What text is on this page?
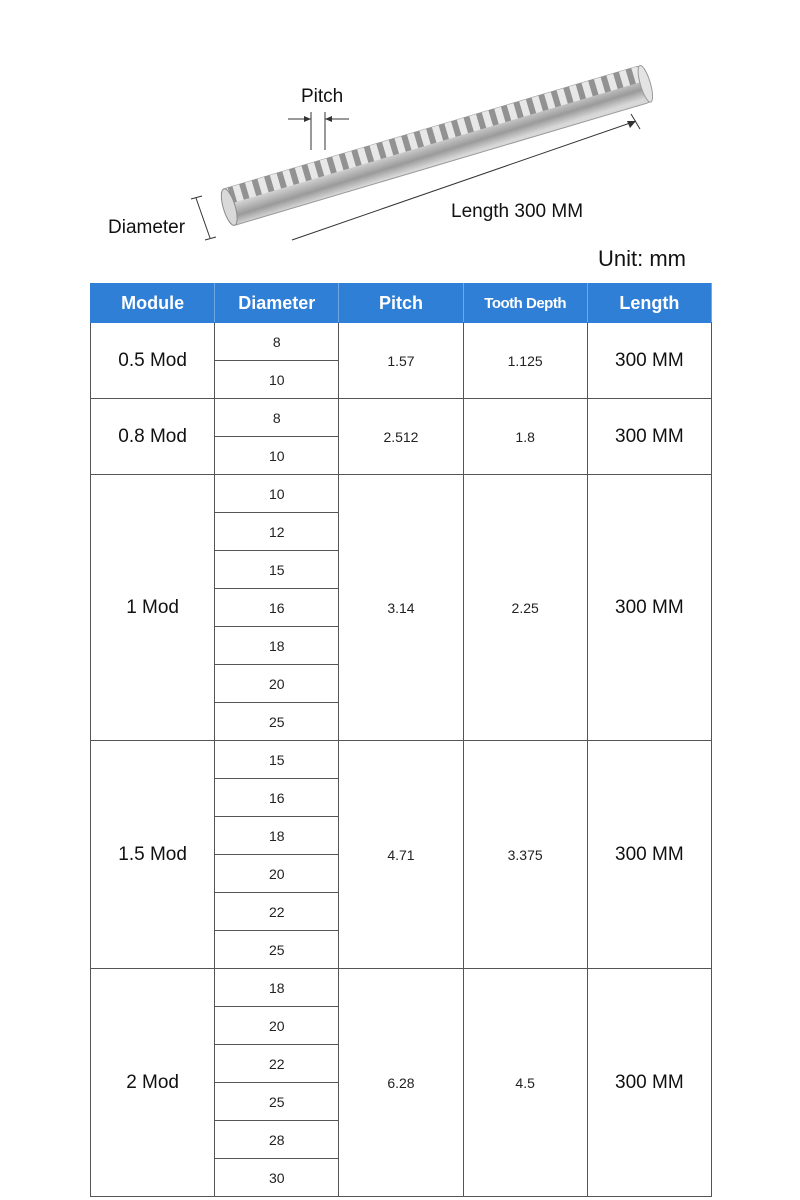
Pitch
Diameter
Length 300 MM
Unit: mm
Module	Diameter	Pitch	Tooth Depth	Length
0.5 Mod	8	1.57	1.125	300 MM
	10			
0.8 Mod	8	2.512	1.8	300 MM
	10			
1 Mod	10	3.14	2.25	300 MM
	12			
	15			
	16			
	18			
	20			
	25			
1.5 Mod	15	4.71	3.375	300 MM
	16			
	18			
	20			
	22			
	25			
2 Mod	18	6.28	4.5	300 MM
	20			
	22			
	25			
	28			
	30			
